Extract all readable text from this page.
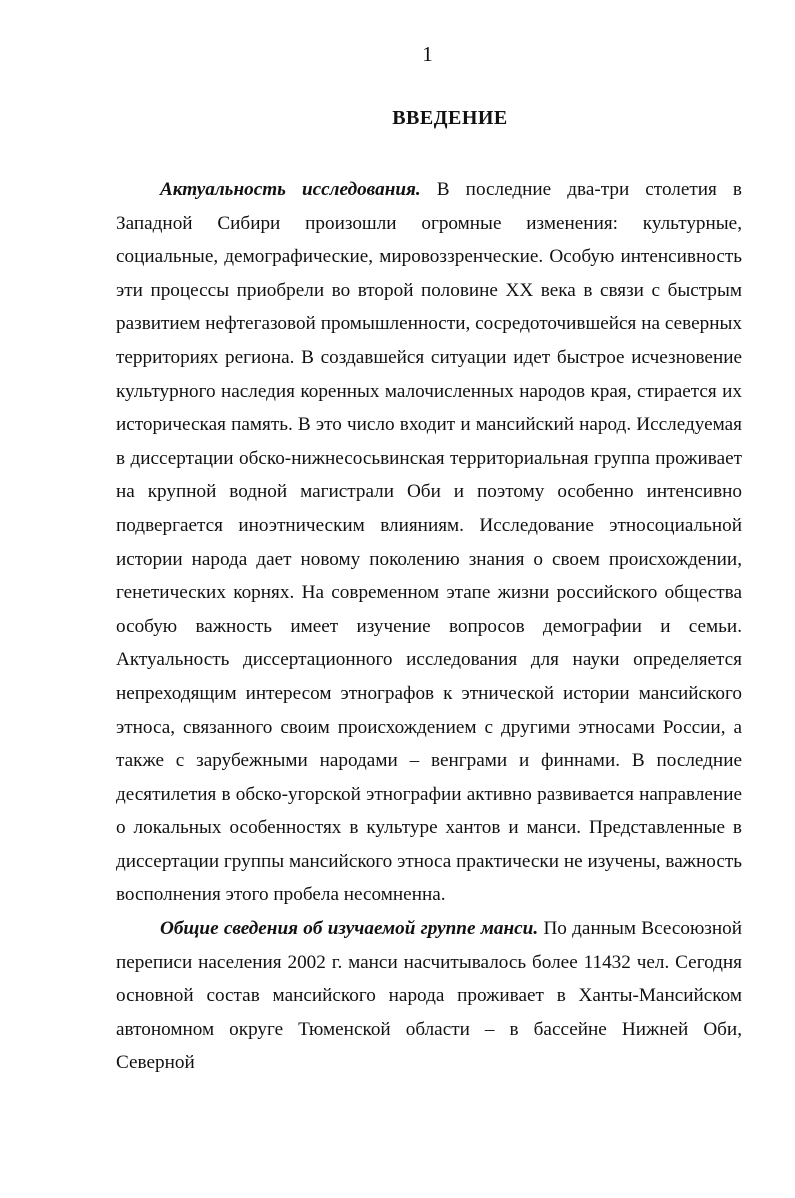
1
ВВЕДЕНИЕ

Актуальность исследования. В последние два-три столетия в Западной Сибири произошли огромные изменения: культурные, социальные, демографические, мировоззренческие. Особую интенсивность эти процессы приобрели во второй половине XX века в связи с быстрым развитием нефтегазовой промышленности, сосредоточившейся на северных территориях региона. В создавшейся ситуации идет быстрое исчезновение культурного наследия коренных малочисленных народов края, стирается их историческая память. В это число входит и мансийский народ. Исследуемая в диссертации обско-нижнесосьвинская территориальная группа проживает на крупной водной магистрали Оби и поэтому особенно интенсивно подвергается иноэтническим влияниям. Исследование этносоциальной истории народа дает новому поколению знания о своем происхождении, генетических корнях. На современном этапе жизни российского общества особую важность имеет изучение вопросов демографии и семьи. Актуальность диссертационного исследования для науки определяется непреходящим интересом этнографов к этнической истории мансийского этноса, связанного своим происхождением с другими этносами России, а также с зарубежными народами – венграми и финнами. В последние десятилетия в обско-угорской этнографии активно развивается направление о локальных особенностях в культуре хантов и манси. Представленные в диссертации группы мансийского этноса практически не изучены, важность восполнения этого пробела несомненна.

Общие сведения об изучаемой группе манси. По данным Всесоюзной переписи населения 2002 г. манси насчитывалось более 11432 чел. Сегодня основной состав мансийского народа проживает в Ханты-Мансийском автономном округе Тюменской области – в бассейне Нижней Оби, Северной
